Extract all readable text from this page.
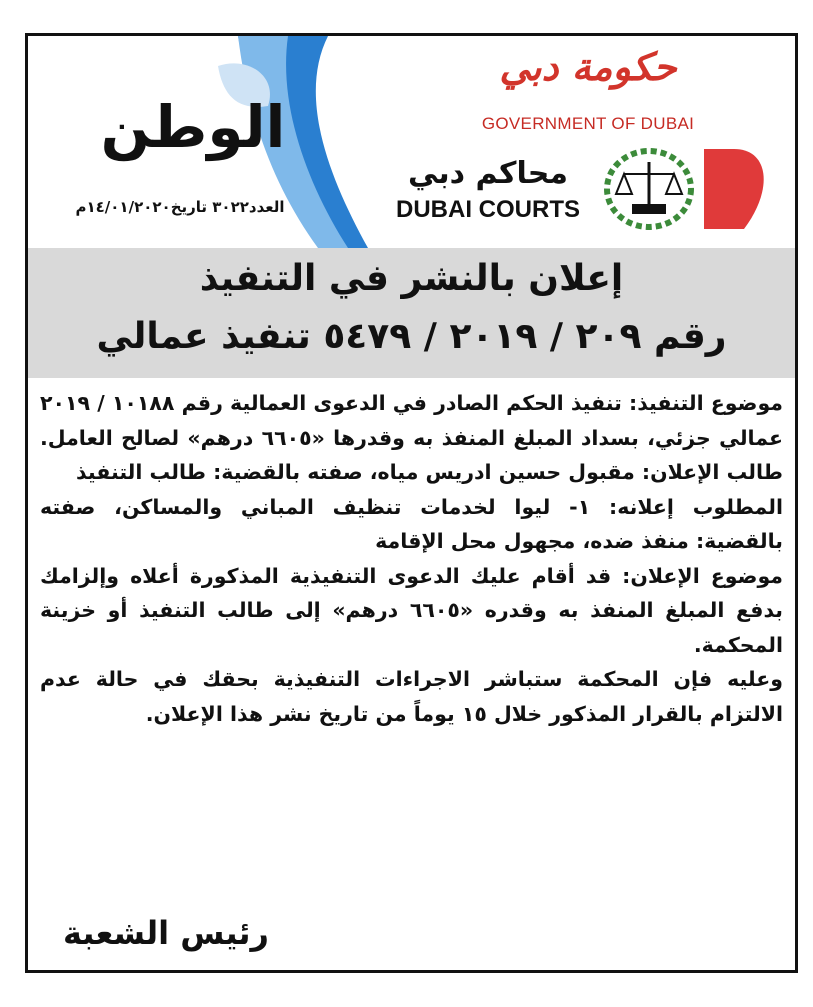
الوطن
العدد٣٠٢٢ تاريخ١٤/٠١/٢٠٢٠م
حكومة دبي
GOVERNMENT OF DUBAI
محاكم دبي
DUBAI COURTS
إعلان بالنشر في التنفيذ
رقم ٢٠٩ / ٢٠١٩ / ٥٤٧٩ تنفيذ عمالي

موضوع التنفيذ: تنفيذ الحكم الصادر في الدعوى العمالية رقم ١٠١٨٨ / ٢٠١٩ عمالي جزئي، بسداد المبلغ المنفذ به وقدرها «٦٦٠٥ درهم» لصالح العامل. طالب الإعلان: مقبول حسين ادريس مياه، صفته بالقضية: طالب التنفيذ

المطلوب إعلانه: ١- ليوا لخدمات تنظيف المباني والمساكن، صفته بالقضية: منفذ ضده، مجهول محل الإقامة

موضوع الإعلان: قد أقام عليك الدعوى التنفيذية المذكورة أعلاه وإلزامك بدفع المبلغ المنفذ به وقدره «٦٦٠٥ درهم» إلى طالب التنفيذ أو خزينة المحكمة.

وعليه فإن المحكمة ستباشر الاجراءات التنفيذية بحقك في حالة عدم الالتزام بالقرار المذكور خلال ١٥ يوماً من تاريخ نشر هذا الإعلان.

رئيس الشعبة
